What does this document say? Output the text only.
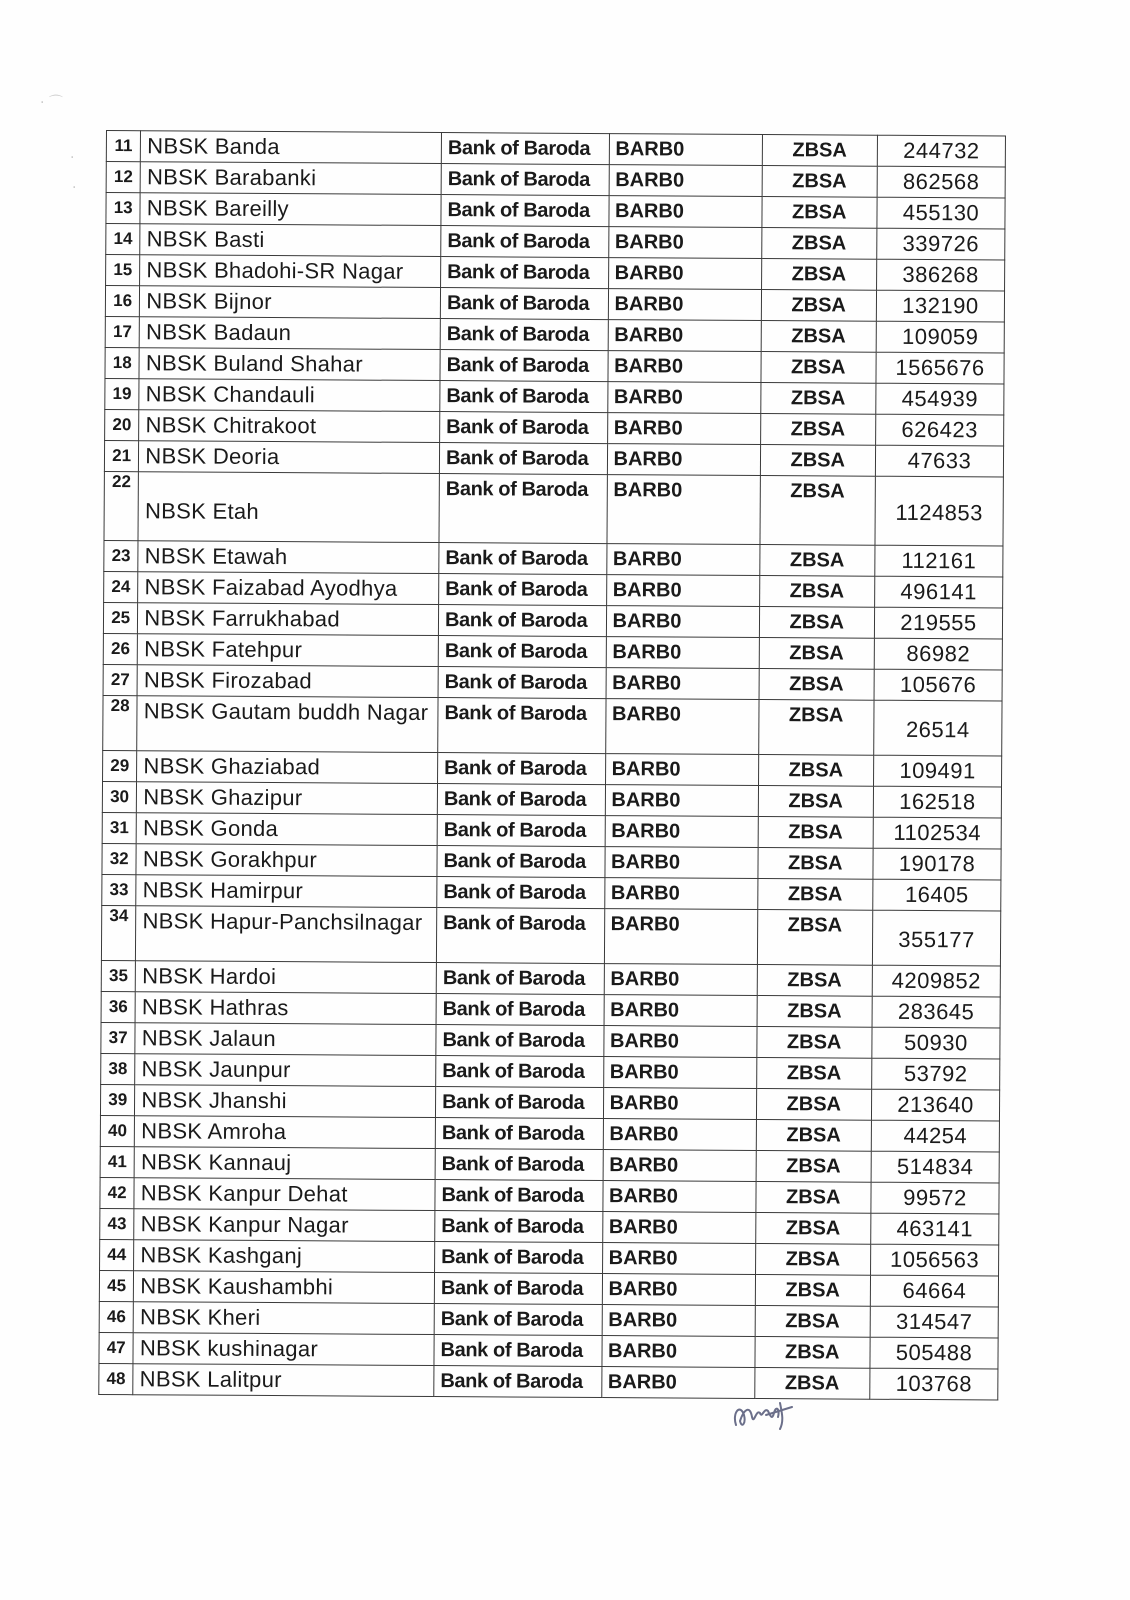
· ⌒
·
·
11	NBSK Banda	Bank of Baroda	BARB0	ZBSA	244732
12	NBSK Barabanki	Bank of Baroda	BARB0	ZBSA	862568
13	NBSK Bareilly	Bank of Baroda	BARB0	ZBSA	455130
14	NBSK Basti	Bank of Baroda	BARB0	ZBSA	339726
15	NBSK Bhadohi-SR Nagar	Bank of Baroda	BARB0	ZBSA	386268
16	NBSK Bijnor	Bank of Baroda	BARB0	ZBSA	132190
17	NBSK Badaun	Bank of Baroda	BARB0	ZBSA	109059
18	NBSK Buland Shahar	Bank of Baroda	BARB0	ZBSA	1565676
19	NBSK Chandauli	Bank of Baroda	BARB0	ZBSA	454939
20	NBSK Chitrakoot	Bank of Baroda	BARB0	ZBSA	626423
21	NBSK Deoria	Bank of Baroda	BARB0	ZBSA	47633
22	NBSK Etah	Bank of Baroda	BARB0	ZBSA	1124853
23	NBSK Etawah	Bank of Baroda	BARB0	ZBSA	112161
24	NBSK Faizabad Ayodhya	Bank of Baroda	BARB0	ZBSA	496141
25	NBSK Farrukhabad	Bank of Baroda	BARB0	ZBSA	219555
26	NBSK Fatehpur	Bank of Baroda	BARB0	ZBSA	86982
27	NBSK Firozabad	Bank of Baroda	BARB0	ZBSA	105676
28	NBSK Gautam buddh Nagar	Bank of Baroda	BARB0	ZBSA	26514
29	NBSK Ghaziabad	Bank of Baroda	BARB0	ZBSA	109491
30	NBSK Ghazipur	Bank of Baroda	BARB0	ZBSA	162518
31	NBSK Gonda	Bank of Baroda	BARB0	ZBSA	1102534
32	NBSK Gorakhpur	Bank of Baroda	BARB0	ZBSA	190178
33	NBSK Hamirpur	Bank of Baroda	BARB0	ZBSA	16405
34	NBSK Hapur-Panchsilnagar	Bank of Baroda	BARB0	ZBSA	355177
35	NBSK Hardoi	Bank of Baroda	BARB0	ZBSA	4209852
36	NBSK Hathras	Bank of Baroda	BARB0	ZBSA	283645
37	NBSK Jalaun	Bank of Baroda	BARB0	ZBSA	50930
38	NBSK Jaunpur	Bank of Baroda	BARB0	ZBSA	53792
39	NBSK Jhanshi	Bank of Baroda	BARB0	ZBSA	213640
40	NBSK Amroha	Bank of Baroda	BARB0	ZBSA	44254
41	NBSK Kannauj	Bank of Baroda	BARB0	ZBSA	514834
42	NBSK Kanpur Dehat	Bank of Baroda	BARB0	ZBSA	99572
43	NBSK Kanpur Nagar	Bank of Baroda	BARB0	ZBSA	463141
44	NBSK Kashganj	Bank of Baroda	BARB0	ZBSA	1056563
45	NBSK Kaushambhi	Bank of Baroda	BARB0	ZBSA	64664
46	NBSK Kheri	Bank of Baroda	BARB0	ZBSA	314547
47	NBSK kushinagar	Bank of Baroda	BARB0	ZBSA	505488
48	NBSK Lalitpur	Bank of Baroda	BARB0	ZBSA	103768
